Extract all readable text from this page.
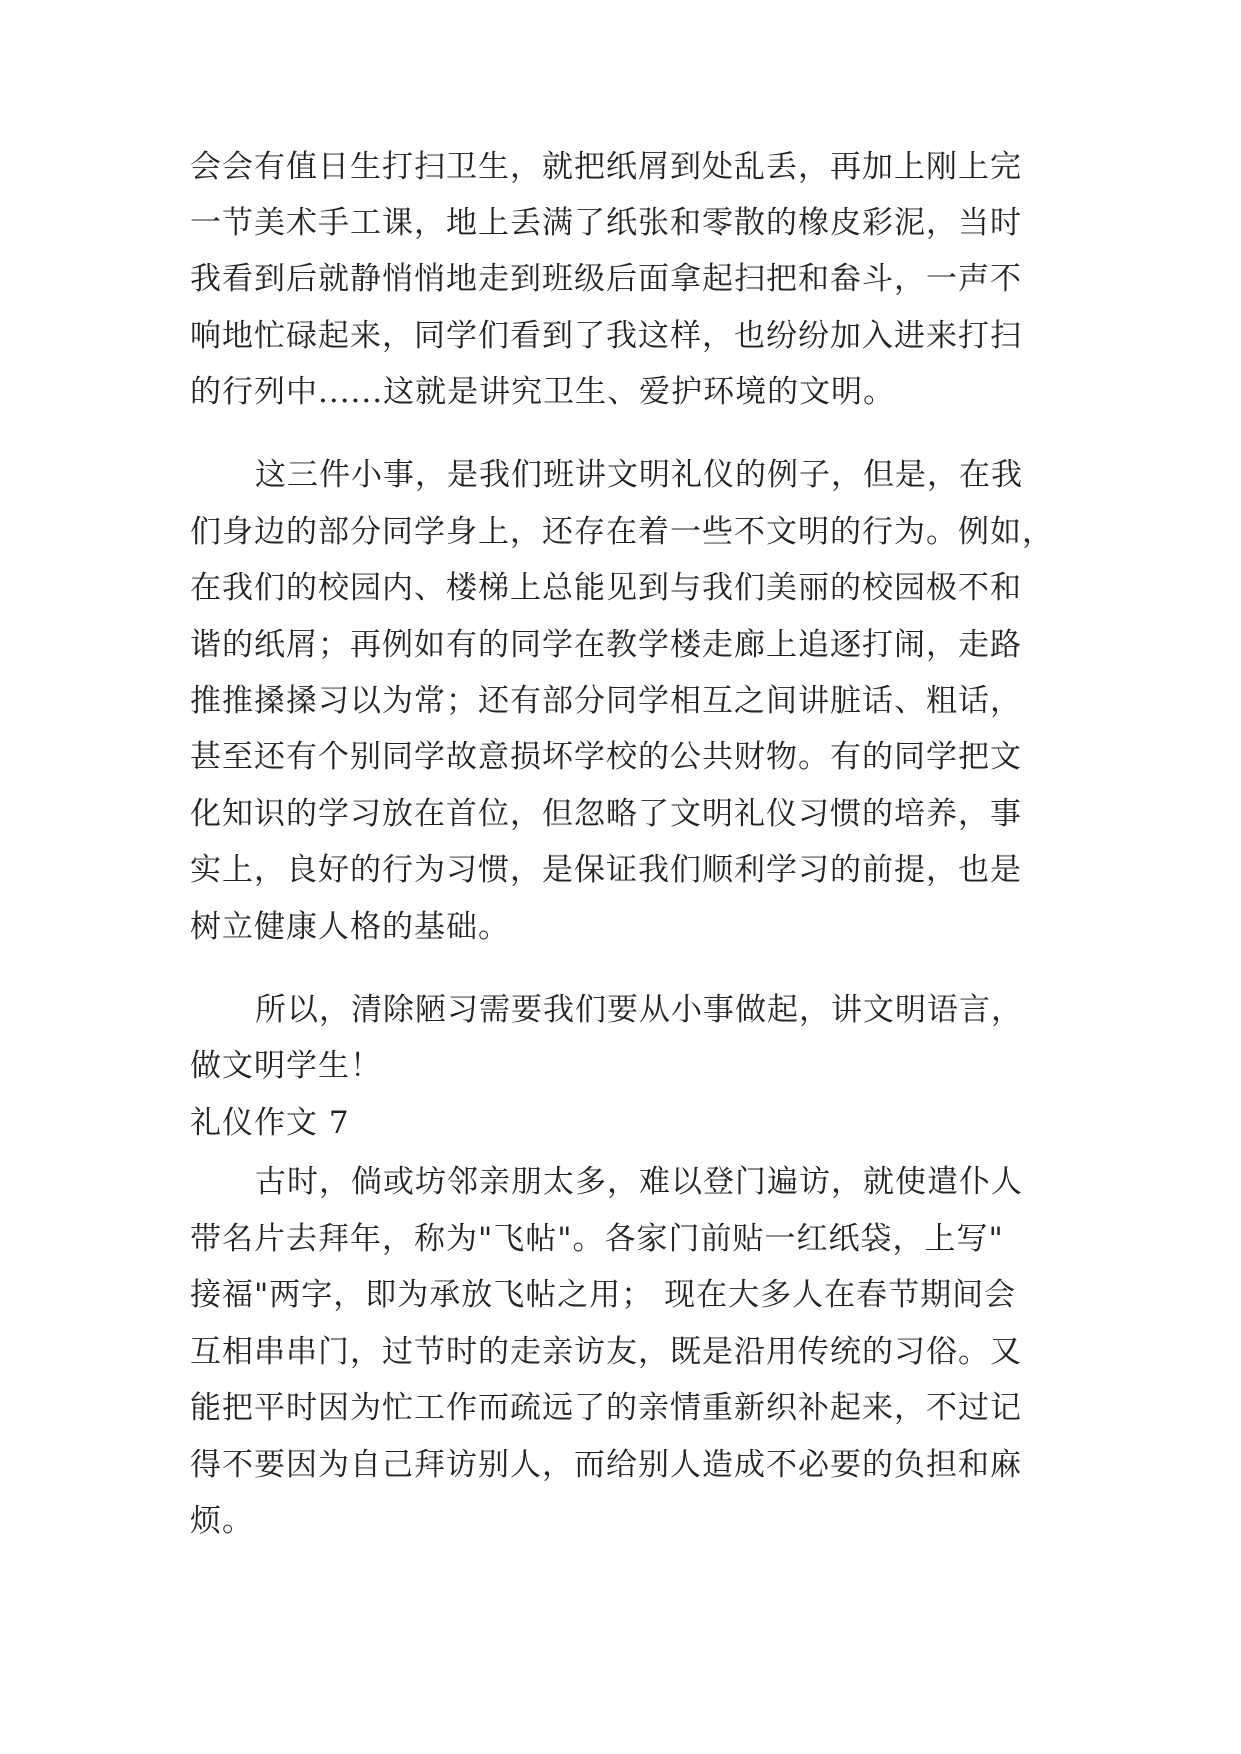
会会有值日生打扫卫生，就把纸屑到处乱丢，再加上刚上完
一节美术手工课，地上丢满了纸张和零散的橡皮彩泥，当时
我看到后就静悄悄地走到班级后面拿起扫把和畚斗，一声不
响地忙碌起来，同学们看到了我这样，也纷纷加入进来打扫
的行列中......这就是讲究卫生、爱护环境的文明。
这三件小事，是我们班讲文明礼仪的例子，但是，在我
们身边的部分同学身上，还存在着一些不文明的行为。例如，
在我们的校园内、楼梯上总能见到与我们美丽的校园极不和
谐的纸屑；再例如有的同学在教学楼走廊上追逐打闹，走路
推推搡搡习以为常；还有部分同学相互之间讲脏话、粗话，
甚至还有个别同学故意损坏学校的公共财物。有的同学把文
化知识的学习放在首位，但忽略了文明礼仪习惯的培养，事
实上，良好的行为习惯，是保证我们顺利学习的前提，也是
树立健康人格的基础。
所以，清除陋习需要我们要从小事做起，讲文明语言，
做文明学生！
礼仪作文 7
古时，倘或坊邻亲朋太多，难以登门遍访，就使遣仆人
带名片去拜年，称为"飞帖"。各家门前贴一红纸袋，上写"
接福"两字，即为承放飞帖之用； 现在大多人在春节期间会
互相串串门，过节时的走亲访友，既是沿用传统的习俗。又
能把平时因为忙工作而疏远了的亲情重新织补起来，不过记
得不要因为自己拜访别人，而给别人造成不必要的负担和麻
烦。
